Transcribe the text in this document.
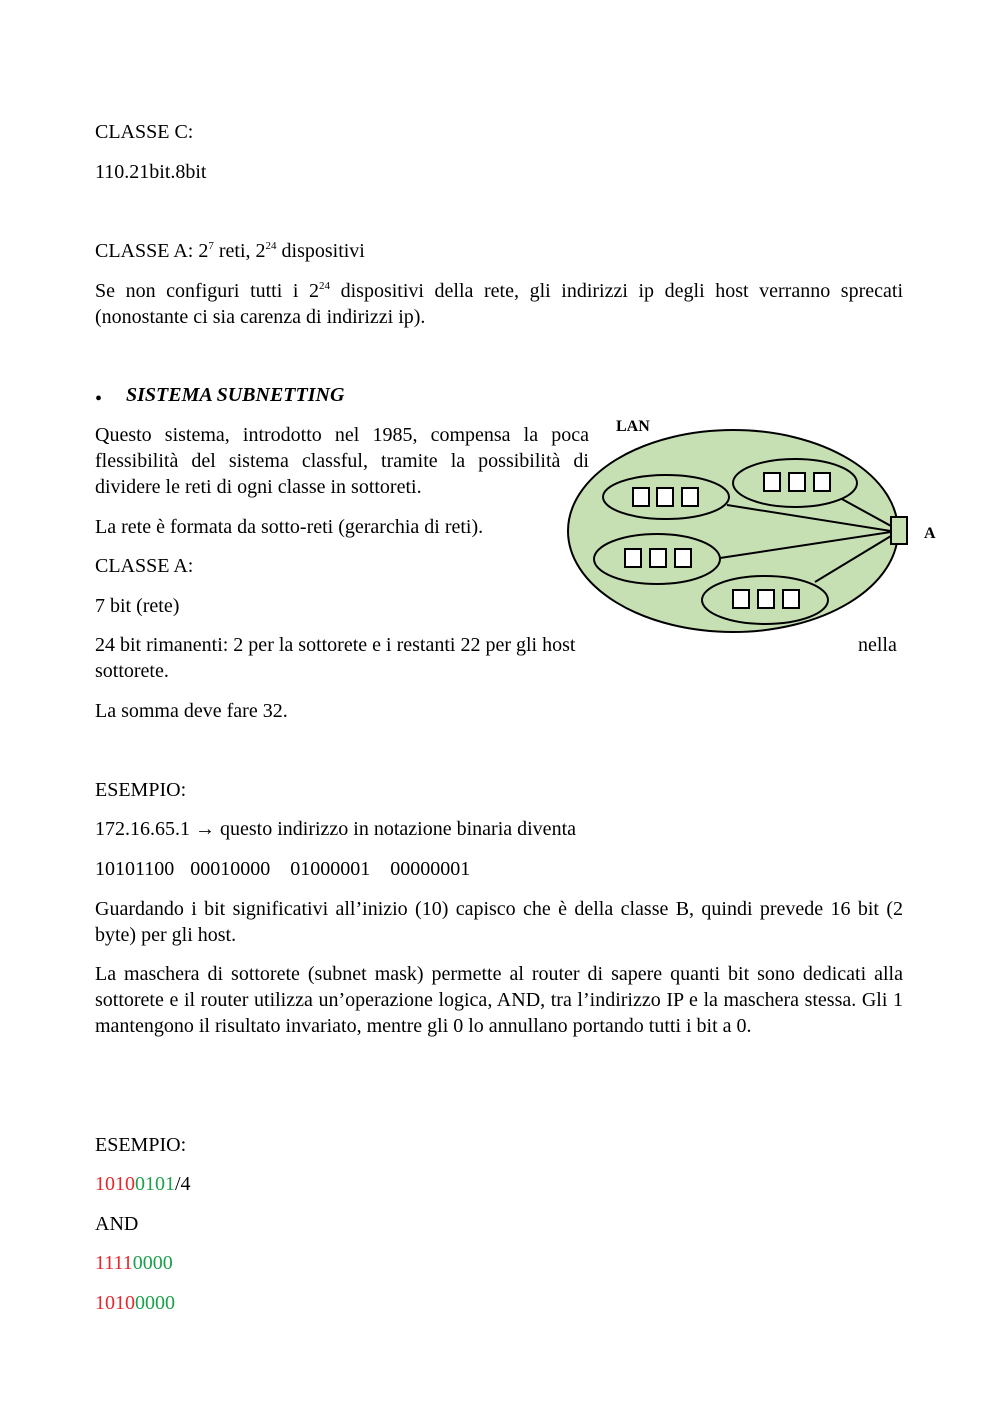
CLASSE C:

110.21bit.8bit

CLASSE A: $2^7$ reti, $2^{24}$ dispositivi

Se non configuri tutti i $2^{24}$ dispositivi della rete, gli indirizzi ip degli host verranno sprecati (nonostante ci sia carenza di indirizzi ip).

• SISTEMA SUBNETTING

Questo sistema, introdotto nel 1985, compensa la poca flessibilità del sistema classful, tramite la possibilità di dividere le reti di ogni classe in sottoreti.

La rete è formata da sotto-reti (gerarchia di reti).

CLASSE A:

7 bit (rete)

24 bit rimanenti: 2 per la sottorete e i restanti 22 per gli host	nella

sottorete.

La somma deve fare 32.

ESEMPIO:

172.16.65.1 → questo indirizzo in notazione binaria diventa

10101100 00010000 01000001 00000001

Guardando i bit significativi all’inizio (10) capisco che è della classe B, quindi prevede 16 bit (2 byte) per gli host.

La maschera di sottorete (subnet mask) permette al router di sapere quanti bit sono dedicati alla sottorete e il router utilizza un’operazione logica, AND, tra l’indirizzo IP e la maschera stessa. Gli 1 mantengono il risultato invariato, mentre gli 0 lo annullano portando tutti i bit a 0.

ESEMPIO:

10100101/4

AND

11110000

10100000

LAN
A
